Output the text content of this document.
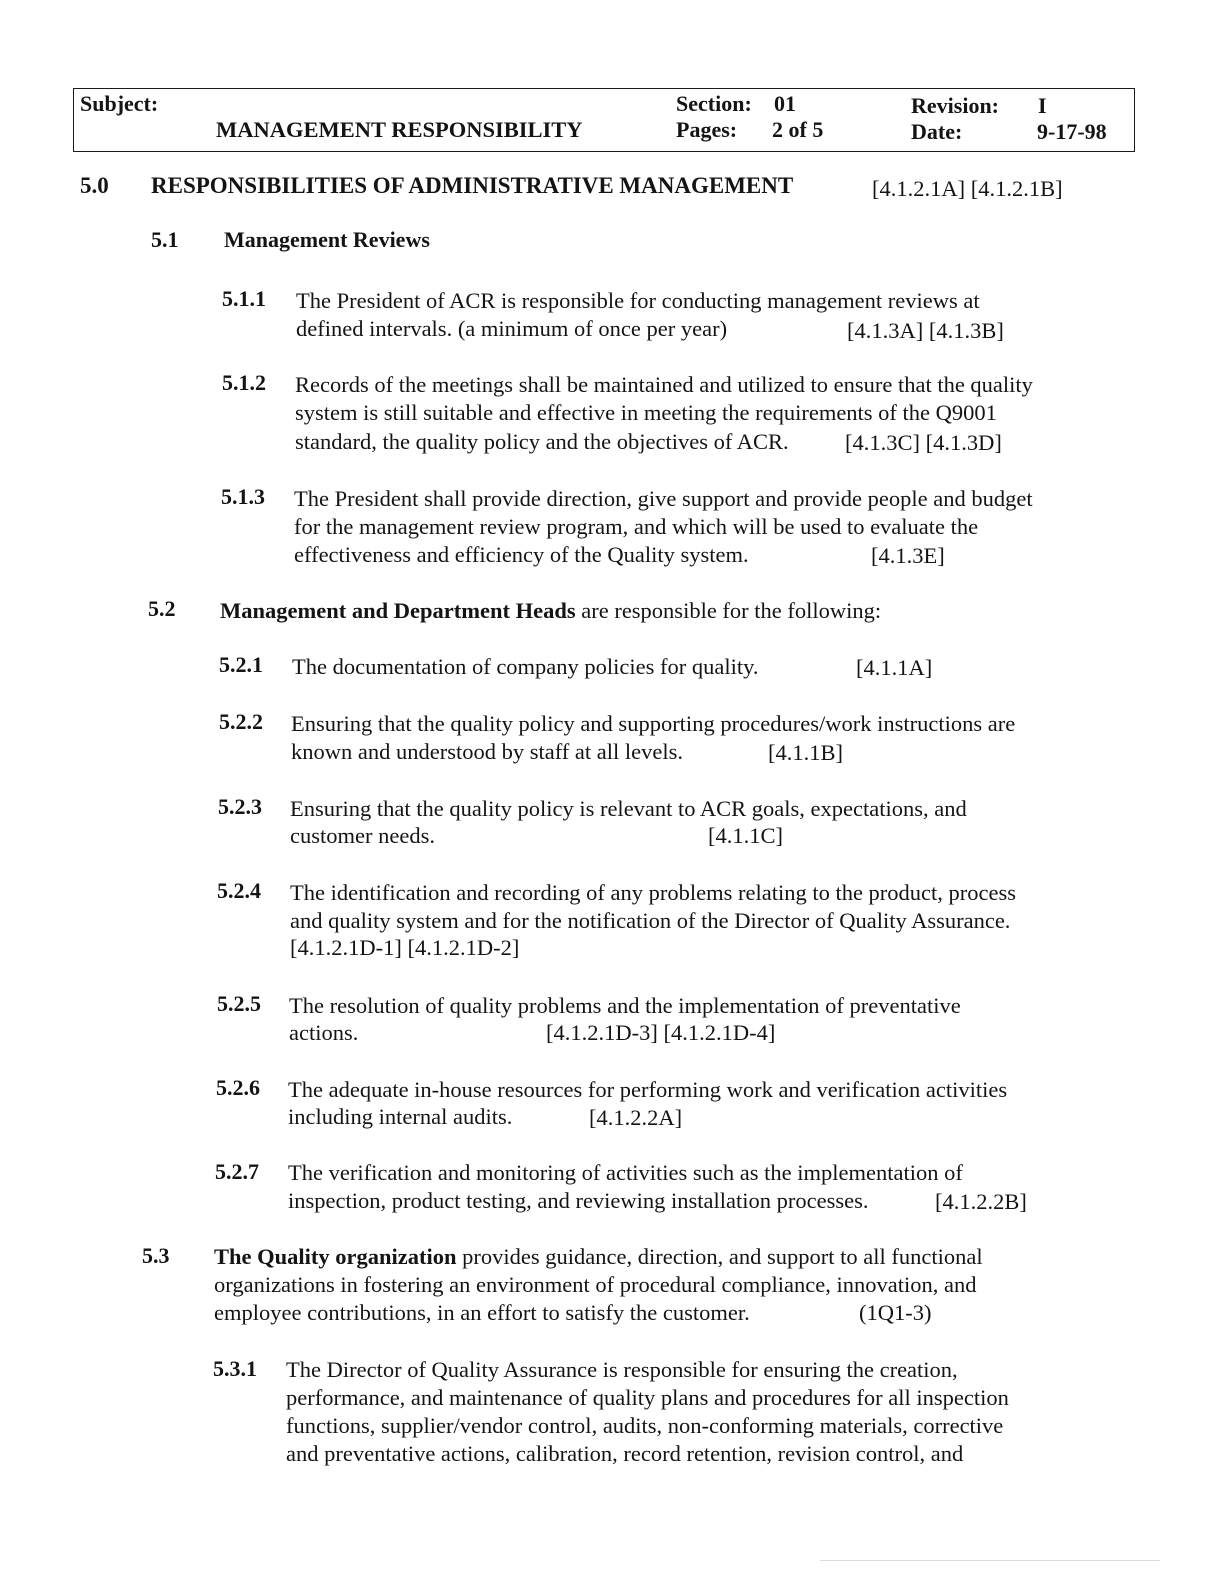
Subject:
MANAGEMENT RESPONSIBILITY
Section: 01
Pages: 2 of 5
Revision: I
Date:	9-17-98
5.0 RESPONSIBILITIES OF ADMINISTRATIVE MANAGEMENT	[4.1.2.1A] [4.1.2.1B]
5.1 Management Reviews
5.1.1 The President of ACR is responsible for conducting management reviews at
defined intervals. (a minimum of once per year)	[4.1.3A] [4.1.3B]
5.1.2 Records of the meetings shall be maintained and utilized to ensure that the quality
system is still suitable and effective in meeting the requirements of the Q9001
standard, the quality policy and the objectives of ACR.	[4.1.3C] [4.1.3D]
5.1.3 The President shall provide direction, give support and provide people and budget
for the management review program, and which will be used to evaluate the
effectiveness and efficiency of the Quality system.	[4.1.3E]
5.2 Management and Department Heads are responsible for the following:
5.2.1 The documentation of company policies for quality.	[4.1.1A]
5.2.2 Ensuring that the quality policy and supporting procedures/work instructions are
known and understood by staff at all levels.	[4.1.1B]
5.2.3 Ensuring that the quality policy is relevant to ACR goals, expectations, and
customer needs.	[4.1.1C]
5.2.4 The identification and recording of any problems relating to the product, process
and quality system and for the notification of the Director of Quality Assurance.
[4.1.2.1D-1] [4.1.2.1D-2]
5.2.5 The resolution of quality problems and the implementation of preventative
actions.	[4.1.2.1D-3] [4.1.2.1D-4]
5.2.6 The adequate in-house resources for performing work and verification activities
including internal audits.	[4.1.2.2A]
5.2.7 The verification and monitoring of activities such as the implementation of
inspection, product testing, and reviewing installation processes.	[4.1.2.2B]
5.3 The Quality organization provides guidance, direction, and support to all functional
organizations in fostering an environment of procedural compliance, innovation, and
employee contributions, in an effort to satisfy the customer.	(1Q1-3)
5.3.1 The Director of Quality Assurance is responsible for ensuring the creation,
performance, and maintenance of quality plans and procedures for all inspection
functions, supplier/vendor control, audits, non-conforming materials, corrective
and preventative actions, calibration, record retention, revision control, and
